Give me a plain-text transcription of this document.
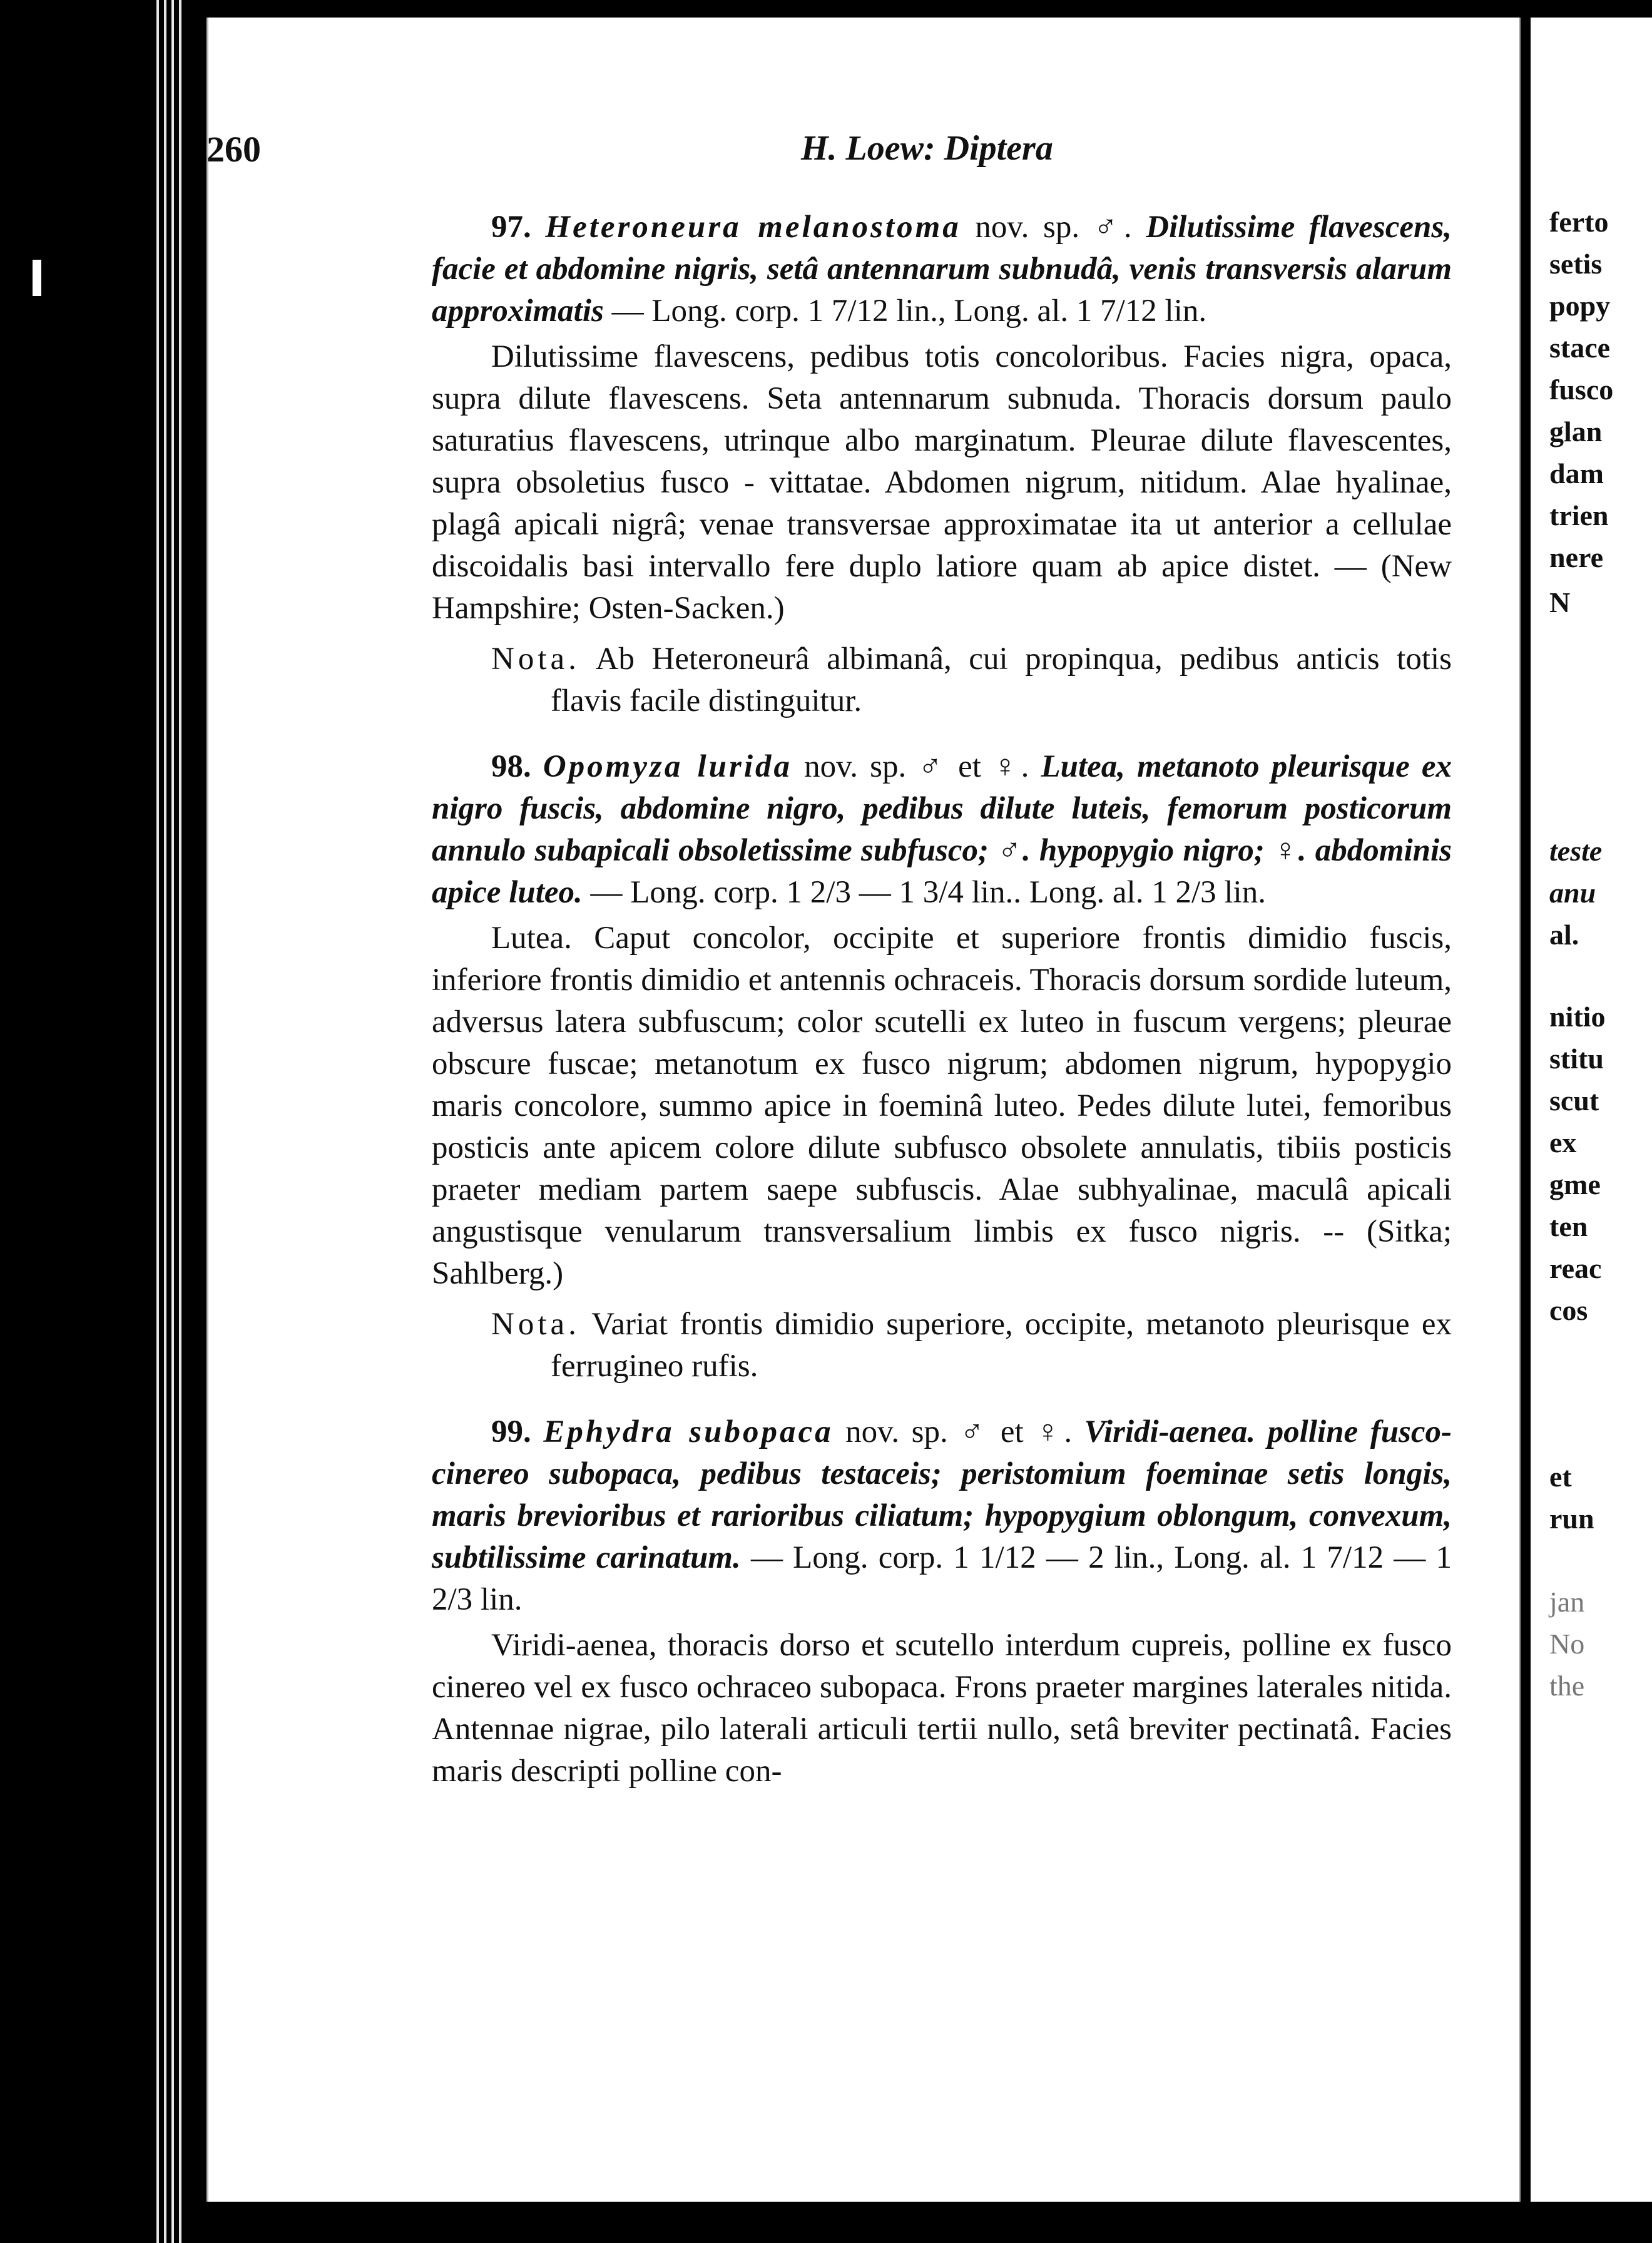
260	H. Loew: Diptera

97. Heteroneura melanostoma nov. sp. ♂. Dilutissime flavescens, facie et abdomine nigris, setâ antennarum subnudâ, venis transversis alarum approximatis — Long. corp. 1 7/12 lin., Long. al. 1 7/12 lin.

Dilutissime flavescens, pedibus totis concoloribus. Facies nigra, opaca, supra dilute flavescens. Seta antennarum subnuda. Thoracis dorsum paulo saturatius flavescens, utrinque albo marginatum. Pleurae dilute flavescentes, supra obsoletius fusco - vittatae. Abdomen nigrum, nitidum. Alae hyalinae, plagâ apicali nigrâ; venae transversae approximatae ita ut anterior a cellulae discoidalis basi intervallo fere duplo latiore quam ab apice distet. — (New Hampshire; Osten-Sacken.)

Nota. Ab Heteroneurâ albimanâ, cui propinqua, pedibus anticis totis flavis facile distinguitur.

98. Opomyza lurida nov. sp. ♂ et ♀. Lutea, metanoto pleurisque ex nigro fuscis, abdomine nigro, pedibus dilute luteis, femorum posticorum annulo subapicali obsoletissime subfusco; ♂. hypopygio nigro; ♀. abdominis apice luteo. — Long. corp. 1 2/3 — 1 3/4 lin.. Long. al. 1 2/3 lin.

Lutea. Caput concolor, occipite et superiore frontis dimidio fuscis, inferiore frontis dimidio et antennis ochraceis. Thoracis dorsum sordide luteum, adversus latera subfuscum; color scutelli ex luteo in fuscum vergens; pleurae obscure fuscae; metanotum ex fusco nigrum; abdomen nigrum, hypopygio maris concolore, summo apice in foeminâ luteo. Pedes dilute lutei, femoribus posticis ante apicem colore dilute subfusco obsolete annulatis, tibiis posticis praeter mediam partem saepe subfuscis. Alae subhyalinae, maculâ apicali angustisque venularum transversalium limbis ex fusco nigris. -- (Sitka; Sahlberg.)

Nota. Variat frontis dimidio superiore, occipite, metanoto pleurisque ex ferrugineo rufis.

99. Ephydra subopaca nov. sp. ♂ et ♀. Viridi-aenea. polline fusco-cinereo subopaca, pedibus testaceis; peristomium foeminae setis longis, maris brevioribus et rarioribus ciliatum; hypopygium oblongum, convexum, subtilissime carinatum. — Long. corp. 1 1/12 — 2 lin., Long. al. 1 7/12 — 1 2/3 lin.

Viridi-aenea, thoracis dorso et scutello interdum cupreis, polline ex fusco cinereo vel ex fusco ochraceo subopaca. Frons praeter margines laterales nitida. Antennae nigrae, pilo laterali articuli tertii nullo, setâ breviter pectinatâ. Facies maris descripti polline con-

ferto
setis
popy
stace
fusco
glan
dam
trien
nere
N
teste
anu
al.
nitio
stitu
scut
ex
gme
ten
reac
cos
et
run
jan
No
the
